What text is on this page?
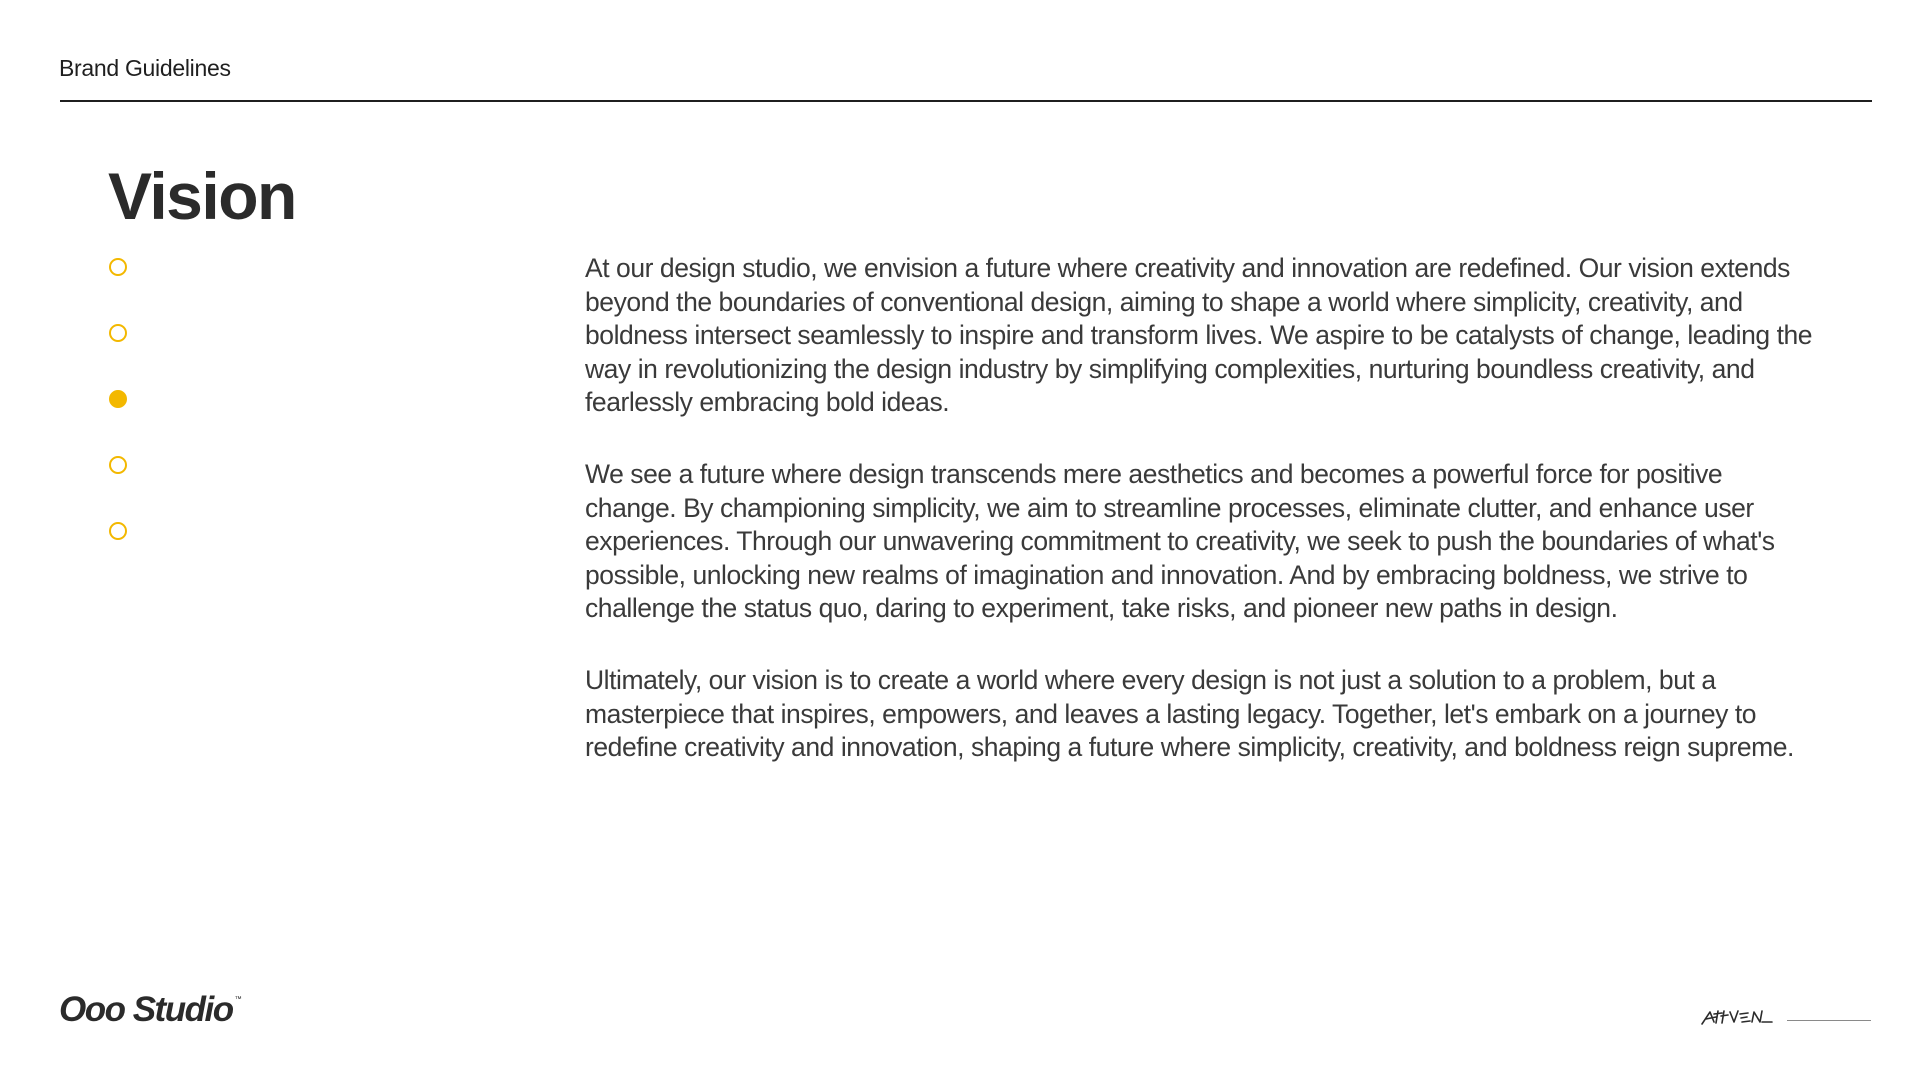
Brand Guidelines
Vision

At our design studio, we envision a future where creativity and innovation are redefined. Our vision extends beyond the boundaries of conventional design, aiming to shape a world where simplicity, creativity, and boldness intersect seamlessly to inspire and transform lives. We aspire to be catalysts of change, leading the way in revolutionizing the design industry by simplifying complexities, nurturing boundless creativity, and fearlessly embracing bold ideas.

We see a future where design transcends mere aesthetics and becomes a powerful force for positive change. By championing simplicity, we aim to streamline processes, eliminate clutter, and enhance user experiences. Through our unwavering commitment to creativity, we seek to push the boundaries of what's possible, unlocking new realms of imagination and innovation. And by embracing boldness, we strive to challenge the status quo, daring to experiment, take risks, and pioneer new paths in design.

Ultimately, our vision is to create a world where every design is not just a solution to a problem, but a masterpiece that inspires, empowers, and leaves a lasting legacy. Together, let's embark on a journey to redefine creativity and innovation, shaping a future where simplicity, creativity, and boldness reign supreme.

Ooo Studio ™
